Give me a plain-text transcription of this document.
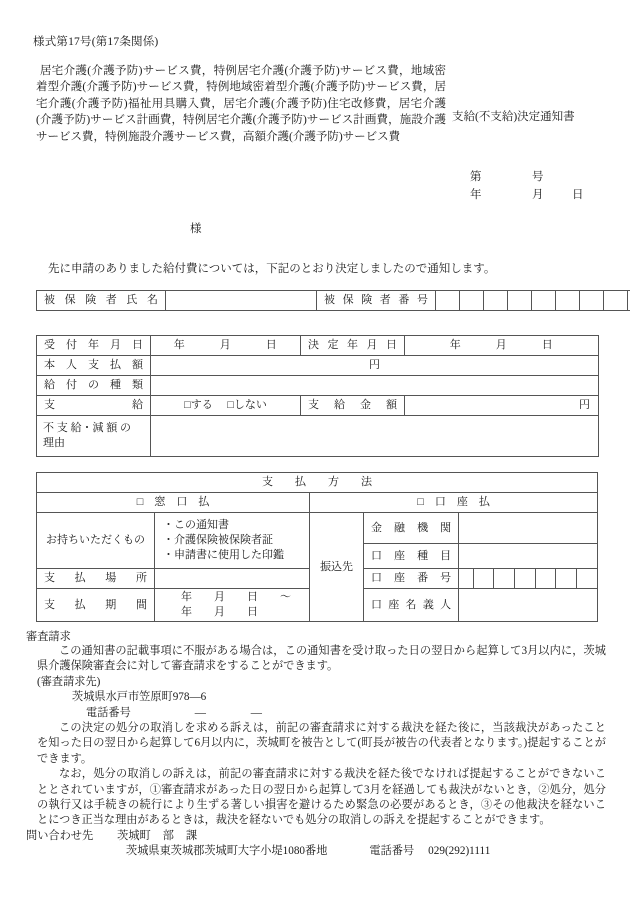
様式第17号(第17条関係)
居宅介護(介護予防)サービス費，特例居宅介護(介護予防)サービス費，地域密着型介護(介護予防)サービス費，特例地域密着型介護(介護予防)サービス費，居宅介護(介護予防)福祉用具購入費，居宅介護(介護予防)住宅改修費，居宅介護(介護予防)サービス計画費，特例居宅介護(介護予防)サービス計画費，施設介護サービス費，特例施設介護サービス費，高額介護(介護予防)サービス費
支給(不支給)決定通知書
第	号
年	月	日
様
先に申請のありました給付費については，下記のとおり決定しましたので通知します。
被 保 険 者 氏 名		被 保 険 者 番 号										
受 付 年 月 日	年　　　月　　　日	決 定 年 月 日	年　　　月　　　日
本 人 支 払 額	円		
給 付 の 種 類			
支　　　　　　給	□する □しない	支 給 金 額	円

不 支 給・減 額 の
理由			

支　　払　　方　　法										
□　窓　口　払		□　口　座　払								
お持ちいただくもの	・この通知書
・介護保険被保険者証
・申請書に使用した印鑑	振込先	金 融 機 関							
			口 座 種 目							
支　払　場　所			口 座 番 号							
支　払　期　間	年　　月　　日　　～
年　　月　　日		口 座 名 義 人							

審査請求

この通知書の記載事項に不服がある場合は，この通知書を受け取った日の翌日から起算して3月以内に，茨城県介護保険審査会に対して審査請求をすることができます。

(審査請求先)

茨城県水戸市笠原町978―6

電話番号	―　　　　―

この決定の処分の取消しを求める訴えは，前記の審査請求に対する裁決を経た後に，当該裁決があったことを知った日の翌日から起算して6月以内に，茨城町を被告として(町長が被告の代表者となります。)提起することができます。

なお，処分の取消しの訴えは，前記の審査請求に対する裁決を経た後でなければ提起することができないこととされていますが，①審査請求があった日の翌日から起算して3月を経過しても裁決がないとき，②処分，処分の執行又は手続きの続行により生ずる著しい損害を避けるため緊急の必要があるとき，③その他裁決を経ないことにつき正当な理由があるときは，裁決を経ないでも処分の取消しの訴えを提起することができます。

問い合わせ先 茨城町 部 課

茨城県東茨城郡茨城町大字小堤1080番地	電話番号 029(292)1111
